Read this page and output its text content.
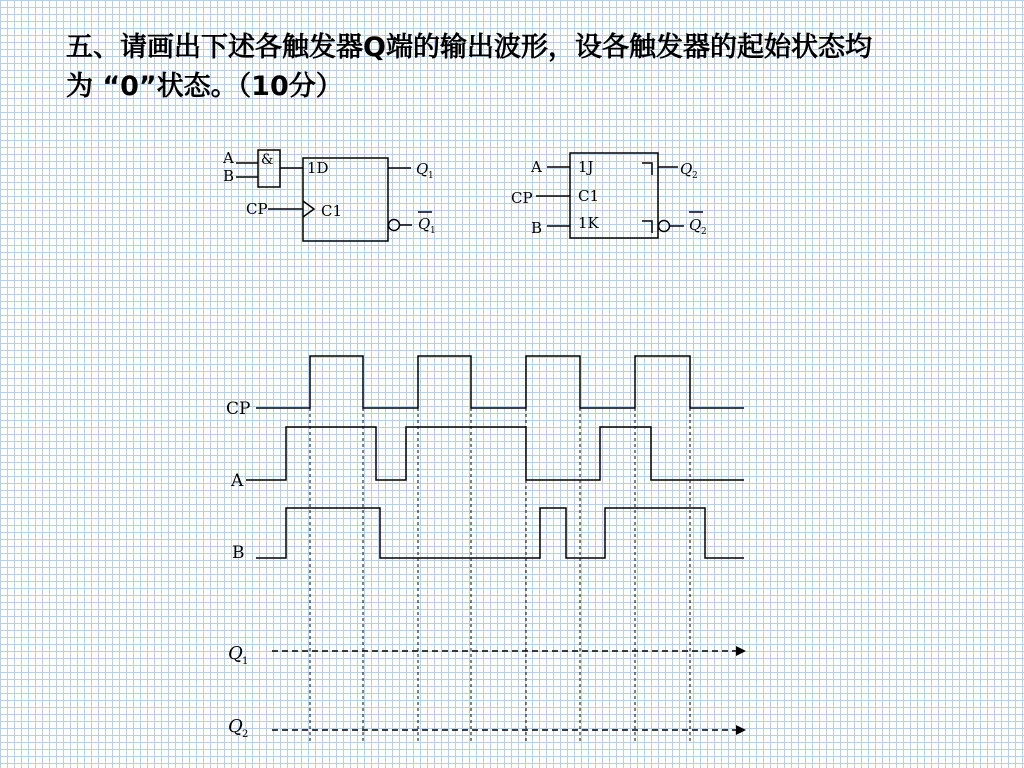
五、请画出下述各触发器Q端的输出波形，设各触发器的起始状态均
为 “0”状态。（10分）
A
B
& 1D
C1
CP
Q 1
Q 1
A
CP
B
1J
C1
1K
Q 2
Q 2
CP
A
B
Q 1
Q 2
